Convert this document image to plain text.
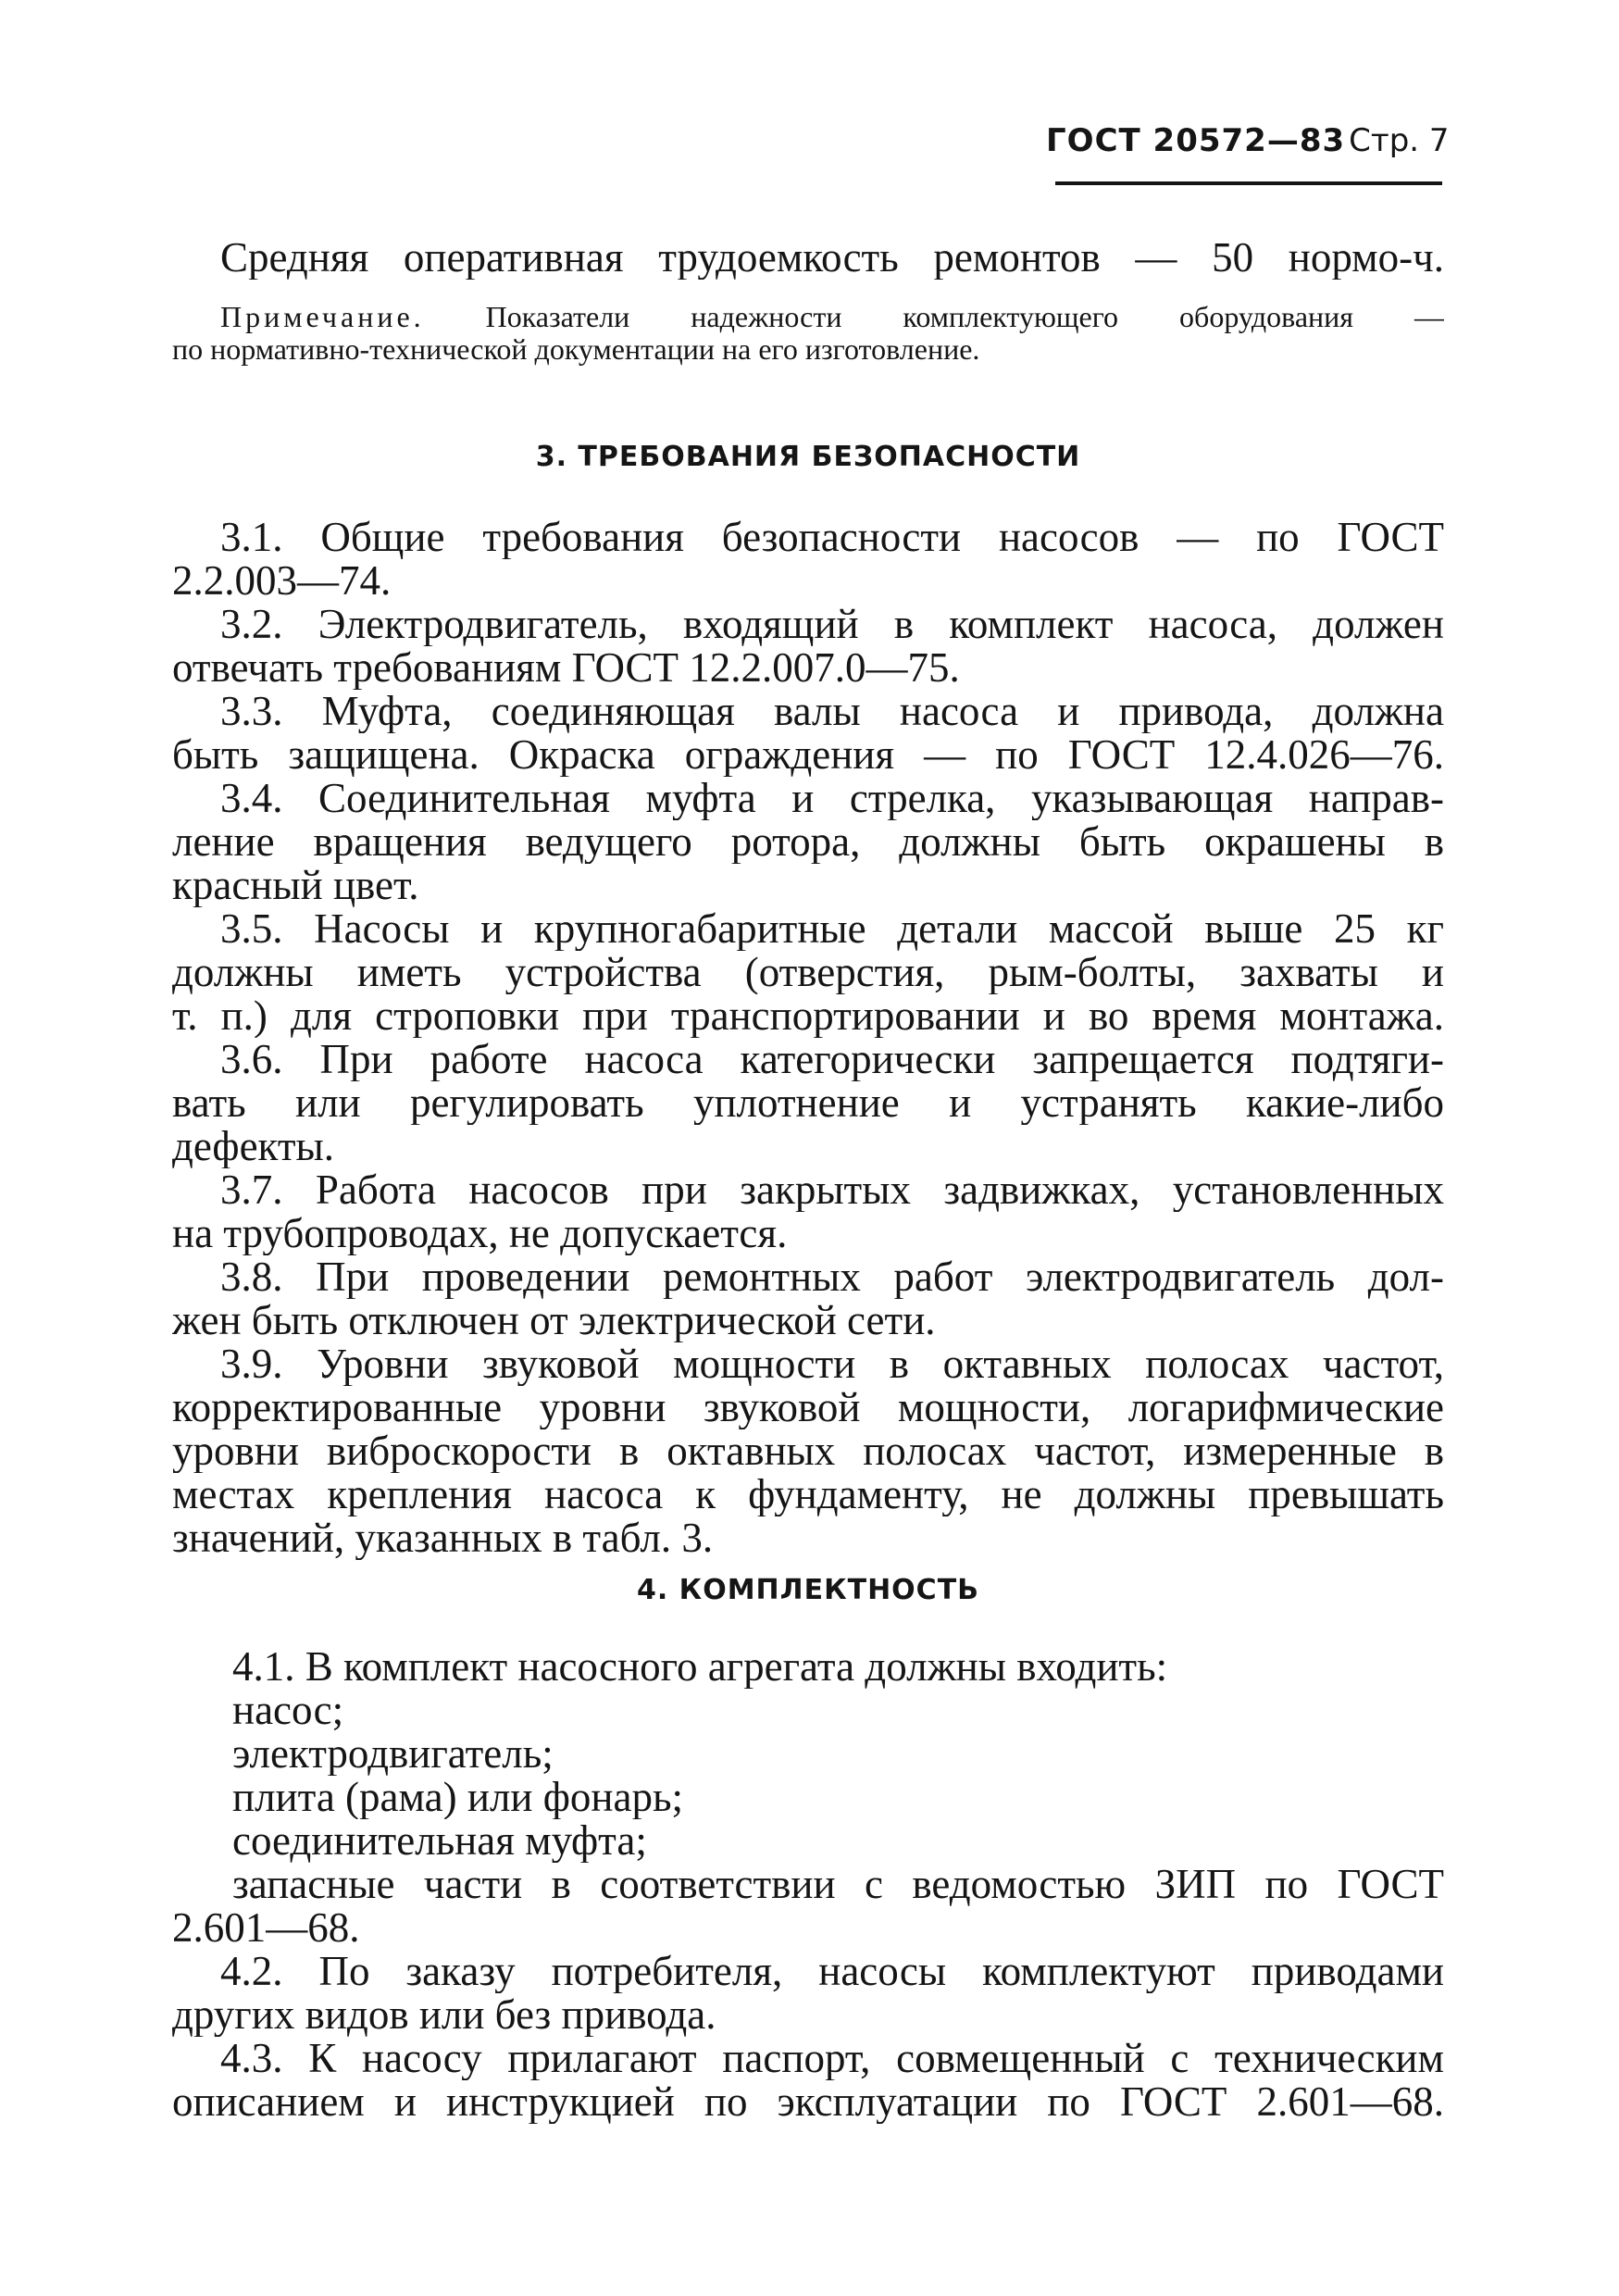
ГОСТ 20572—83 Стр. 7
Средняя оперативная трудоемкость ремонтов — 50 нормо-ч.
Примечание. Показатели надежности комплектующего оборудования —
по нормативно-технической документации на его изготовление.
3. ТРЕБОВАНИЯ БЕЗОПАСНОСТИ
3.1. Общие требования безопасности насосов — по ГОСТ
2.2.003—74.
3.2. Электродвигатель, входящий в комплект насоса, должен
отвечать требованиям ГОСТ 12.2.007.0—75.
3.3. Муфта, соединяющая валы насоса и привода, должна
быть защищена. Окраска ограждения — по ГОСТ 12.4.026—76.
3.4. Соединительная муфта и стрелка, указывающая направ-
ление вращения ведущего ротора, должны быть окрашены в
красный цвет.
3.5. Насосы и крупногабаритные детали массой выше 25 кг
должны иметь устройства (отверстия, рым-болты, захваты и
т. п.) для строповки при транспортировании и во время монтажа.
3.6. При работе насоса категорически запрещается подтяги-
вать или регулировать уплотнение и устранять какие-либо
дефекты.
3.7. Работа насосов при закрытых задвижках, установленных
на трубопроводах, не допускается.
3.8. При проведении ремонтных работ электродвигатель дол-
жен быть отключен от электрической сети.
3.9. Уровни звуковой мощности в октавных полосах частот,
корректированные уровни звуковой мощности, логарифмические
уровни виброскорости в октавных полосах частот, измеренные в
местах крепления насоса к фундаменту, не должны превышать
значений, указанных в табл. 3.
4. КОМПЛЕКТНОСТЬ
4.1. В комплект насосного агрегата должны входить:
насос;
электродвигатель;
плита (рама) или фонарь;
соединительная муфта;
запасные части в соответствии с ведомостью ЗИП по ГОСТ
2.601—68.
4.2. По заказу потребителя, насосы комплектуют приводами
других видов или без привода.
4.3. К насосу прилагают паспорт, совмещенный с техническим
описанием и инструкцией по эксплуатации по ГОСТ 2.601—68.
